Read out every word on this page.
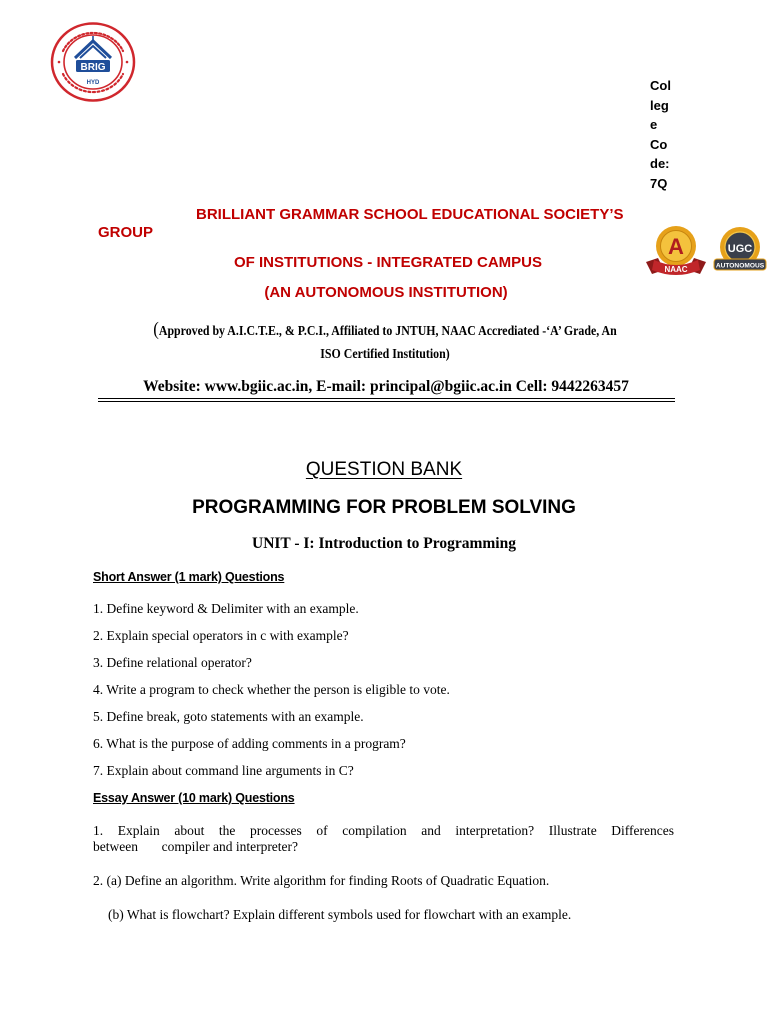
BRIG
HYD	Col
leg
e
Co
de:
7Q
BRILLIANT GRAMMAR SCHOOL EDUCATIONAL SOCIETY’S
GROUP
OF INSTITUTIONS - INTEGRATED CAMPUS
(AN AUTONOMOUS INSTITUTION)
A
NAAC
UGC
AUTONOMOUS
(Approved by A.I.C.T.E., & P.C.I., Affiliated to JNTUH, NAAC Accrediated -‘A’ Grade, An ISO Certified Institution)
Website: www.bgiic.ac.in, E-mail: principal@bgiic.ac.in Cell: 9442263457
QUESTION BANK
PROGRAMMING FOR PROBLEM SOLVING
UNIT - I: Introduction to Programming
Short Answer (1 mark) Questions
1. Define keyword & Delimiter with an example.
2. Explain special operators in c with example?
3. Define relational operator?
4. Write a program to check whether the person is eligible to vote.
5. Define break, goto statements with an example.
6. What is the purpose of adding comments in a program?
7. Explain about command line arguments in C?
Essay Answer (10 mark) Questions
1. Explain about the processes of compilation and interpretation? Illustrate Differences
between       compiler and interpreter?
2. (a) Define an algorithm. Write algorithm for finding Roots of Quadratic Equation.
(b) What is flowchart? Explain different symbols used for flowchart with an example.
